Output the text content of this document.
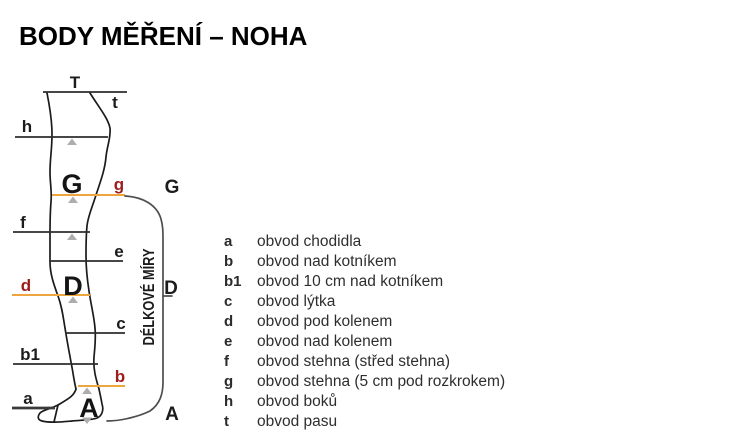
BODY MĚŘENÍ – NOHA
DÉLKOVÉ MÍRY
T
t
h
G g G
f
e
d D	D
c
b1
b
a A	A
a	obvod chodidla
b	obvod nad kotníkem
b1 obvod 10 cm nad kotníkem
c	obvod lýtka
d	obvod pod kolenem
e	obvod nad kolenem
f	obvod stehna (střed stehna)
g	obvod stehna (5 cm pod rozkrokem)
h	obvod boků
t	obvod pasu
